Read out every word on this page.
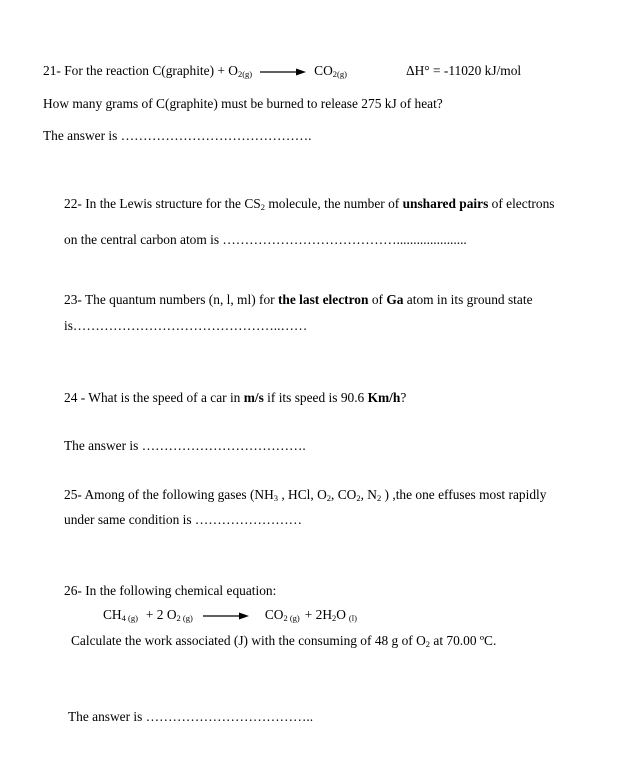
21- For the reaction C(graphite) + $O_{2(g)} \to CO_{2(g)}$	ΔH° = -11020 kJ/mol
How many grams of C(graphite) must be burned to release 275 kJ of heat?
The answer is …………………………………….
22- In the Lewis structure for the $CS_2$ molecule, the number of unshared pairs of electrons
on the central carbon atom is ………………………………….....................
23- The quantum numbers (n, l, ml) for the last electron of Ga atom in its ground state
is………………………………………..……
24 - What is the speed of a car in m/s if its speed is 90.6 Km/h?
The answer is ……………………………….
25- Among of the following gases ($NH_3$ , HCl, $O_2$, $CO_2$, $N_2$ ) ,the one effuses most rapidly
under same condition is ……………………
26- In the following chemical equation:
$CH_{4 (g)} + 2$ $O_{2 (g)} \to CO_{2 (g)} + 2H_2O$ $_{(l)}$
Calculate the work associated (J) with the consuming of 48 g of $O_2$ at 70.00 ºC.
The answer is ………………………………..
